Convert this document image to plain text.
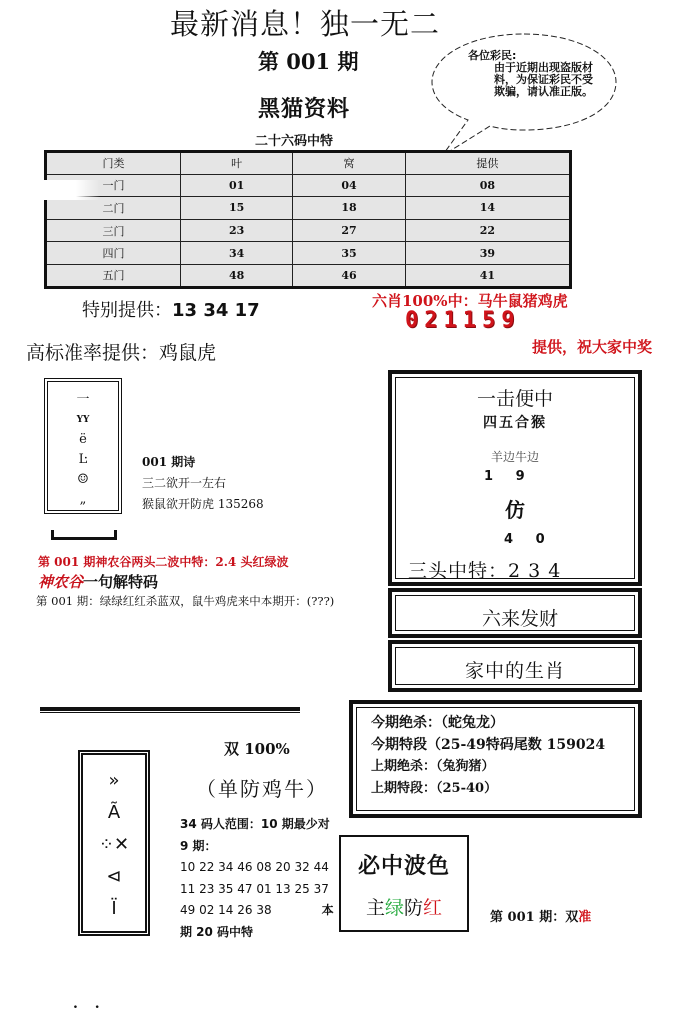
最新消息！独一无二
第 001 期
黑猫资料
二十六码中特
各位彩民:
由于近期出现盗版材料，为保证彩民不受欺骗，请认准正版。
门类	叶	窝	提供
一门	01	04	08
二门	15	18	14
三门	23	27	22
四门	34	35	39
五门	48	46	41
特别提供：13 34 17
高标准率提供：鸡鼠虎
六肖100%中：马牛鼠猪鸡虎
021159
提供，祝大家中奖
一
YY
ë
Ŀ
☺
„
001 期诗
三二欲开一左右
猴鼠欲开防虎 135268
第 001 期神农谷两头二波中特：2.4 头红绿波
神农谷一句解特码
第 001 期：绿绿红红杀蓝双，鼠牛鸡虎来中本期开：(???)
一击便中
四五合猴
羊边牛边
1 9
仿
4 0
三头中特：2 3 4
六来发财
家中的生肖
今期绝杀：（蛇兔龙）
今期特段（25-49特码尾数 159024
上期绝杀：（兔狗猪）
上期特段：（25-40）
»
Ã
⁘✕
⊲
Ï
双 100%
（单防鸡牛）
34 码人范围：10 期最少对
9 期：
10 22 34 46 08 20 32 44
11 23 35 47 01 13 25 37
49 02 14 26 38	本
期 20 码中特
必中波色
主绿防红	第 001 期：双准
. .
